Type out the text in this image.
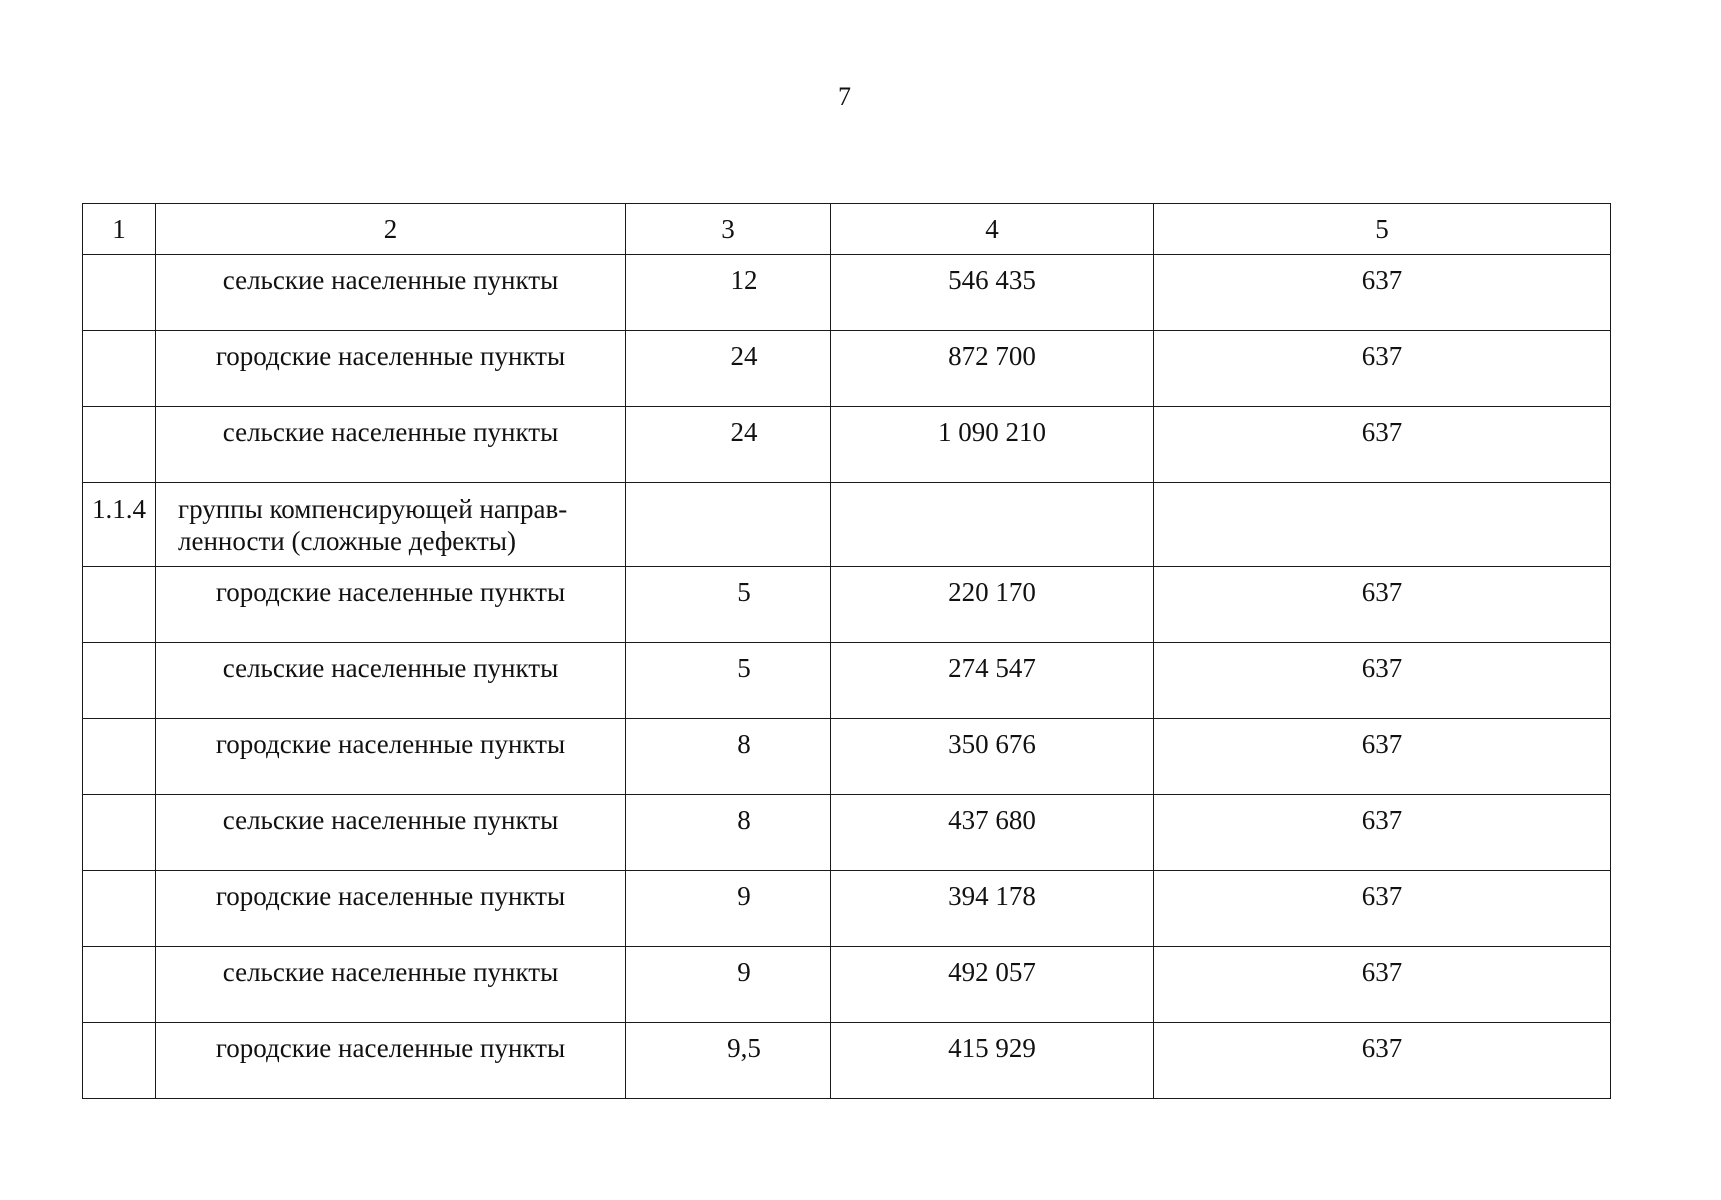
7
1	2	3	4	5
	сельские населенные пункты	12	546 435	637
	городские населенные пункты	24	872 700	637
	сельские населенные пункты	24	1 090 210	637
1.1.4	группы компенсирующей направ-
ленности (сложные дефекты)			

	городские населенные пункты	5	220 170	637
	сельские населенные пункты	5	274 547	637
	городские населенные пункты	8	350 676	637
	сельские населенные пункты	8	437 680	637
	городские населенные пункты	9	394 178	637
	сельские населенные пункты	9	492 057	637
	городские населенные пункты	9,5	415 929	637
